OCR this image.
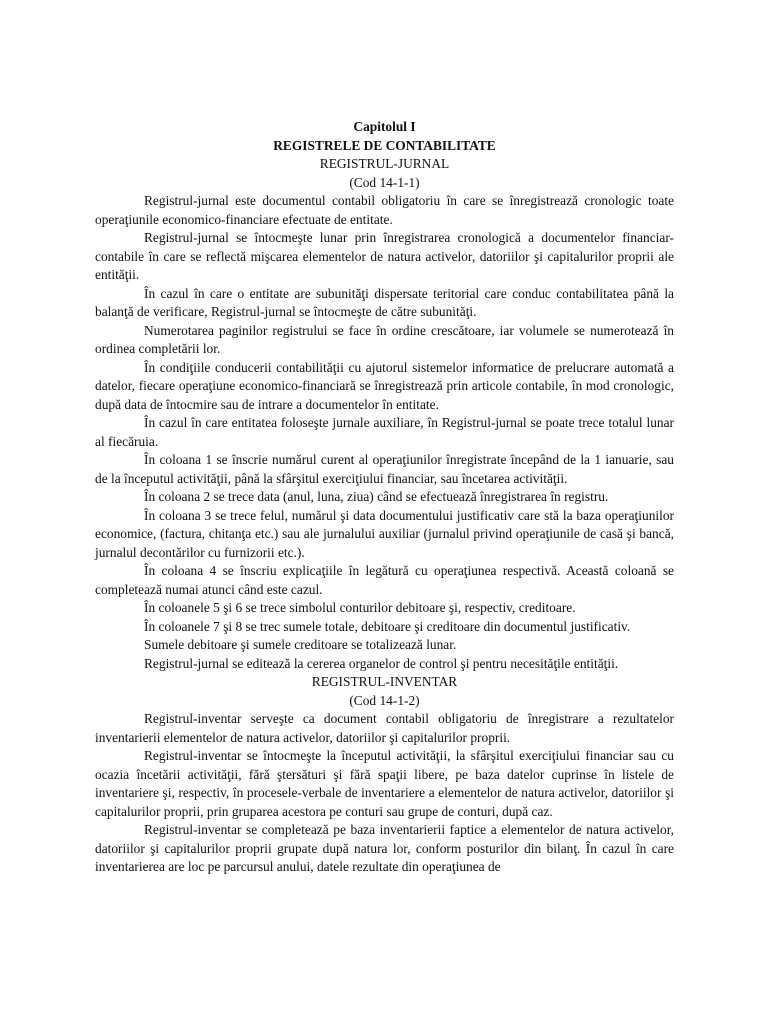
Capitolul I

REGISTRELE DE CONTABILITATE

REGISTRUL-JURNAL

(Cod 14-1-1)

Registrul-jurnal este documentul contabil obligatoriu în care se înregistrează cronologic toate operaţiunile economico-financiare efectuate de entitate.

Registrul-jurnal se întocmeşte lunar prin înregistrarea cronologică a documentelor financiar-contabile în care se reflectă mişcarea elementelor de natura activelor, datoriilor şi capitalurilor proprii ale entităţii.

În cazul în care o entitate are subunităţi dispersate teritorial care conduc contabilitatea până la balanţă de verificare, Registrul-jurnal se întocmeşte de către subunităţi.

Numerotarea paginilor registrului se face în ordine crescătoare, iar volumele se numerotează în ordinea completării lor.

În condiţiile conducerii contabilităţii cu ajutorul sistemelor informatice de prelucrare automată a datelor, fiecare operaţiune economico-financiară se înregistrează prin articole contabile, în mod cronologic, după data de întocmire sau de intrare a documentelor în entitate.

În cazul în care entitatea foloseşte jurnale auxiliare, în Registrul-jurnal se poate trece totalul lunar al fiecăruia.

În coloana 1 se înscrie numărul curent al operaţiunilor înregistrate începând de la 1 ianuarie, sau de la începutul activităţii, până la sfârşitul exerciţiului financiar, sau încetarea activităţii.

În coloana 2 se trece data (anul, luna, ziua) când se efectuează înregistrarea în registru.

În coloana 3 se trece felul, numărul şi data documentului justificativ care stă la baza operaţiunilor economice, (factura, chitanţa etc.) sau ale jurnalului auxiliar (jurnalul privind operaţiunile de casă şi bancă, jurnalul decontărilor cu furnizorii etc.).

În coloana 4 se înscriu explicaţiile în legătură cu operaţiunea respectivă. Această coloană se completează numai atunci când este cazul.

În coloanele 5 şi 6 se trece simbolul conturilor debitoare şi, respectiv, creditoare.

În coloanele 7 şi 8 se trec sumele totale, debitoare şi creditoare din documentul justificativ.

Sumele debitoare şi sumele creditoare se totalizează lunar.

Registrul-jurnal se editează la cererea organelor de control şi pentru necesităţile entităţii.

REGISTRUL-INVENTAR

(Cod 14-1-2)

Registrul-inventar serveşte ca document contabil obligatoriu de înregistrare a rezultatelor inventarierii elementelor de natura activelor, datoriilor şi capitalurilor proprii.

Registrul-inventar se întocmeşte la începutul activităţii, la sfârşitul exerciţiului financiar sau cu ocazia încetării activităţii, fără ştersături şi fără spaţii libere, pe baza datelor cuprinse în listele de inventariere şi, respectiv, în procesele-verbale de inventariere a elementelor de natura activelor, datoriilor şi capitalurilor proprii, prin gruparea acestora pe conturi sau grupe de conturi, după caz.

Registrul-inventar se completează pe baza inventarierii faptice a elementelor de natura activelor, datoriilor şi capitalurilor proprii grupate după natura lor, conform posturilor din bilanţ. În cazul în care inventarierea are loc pe parcursul anului, datele rezultate din operaţiunea de
